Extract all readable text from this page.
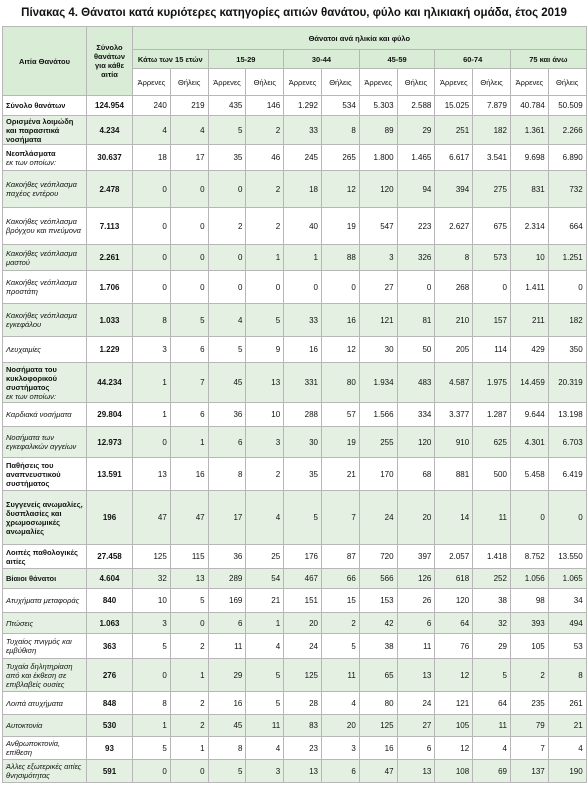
Πίνακας 4. Θάνατοι κατά κυριότερες κατηγορίες αιτιών θανάτου, φύλο και ηλικιακή ομάδα, έτος 2019
Αιτία Θανάτου	Σύνολο θανάτων για κάθε αιτία	Θάνατοι ανά ηλικία και φύλο											
		Κάτω των 15 ετών		15-29		30-44		45-59		60-74		75 και άνω	
		Άρρενες	Θήλεις	Άρρενες	Θήλεις	Άρρενες	Θήλεις	Άρρενες	Θήλεις	Άρρενες	Θήλεις	Άρρενες	Θήλεις
Σύνολο θανάτων	124.954	240	219	435	146	1.292	534	5.303	2.588	15.025	7.879	40.784	50.509
Ορισμένα λοιμώδη και παρασιτικά νοσήματα	4.234	4	4	5	2	33	8	89	29	251	182	1.361	2.266
Νεοπλάσματα
εκ των οποίων:	30.637	18	17	35	46	245	265	1.800	1.465	6.617	3.541	9.698	6.890
Κακοήθες νεόπλασμα παχέος εντέρου	2.478	0	0	0	2	18	12	120	94	394	275	831	732
Κακοήθες νεόπλασμα βρόγχου και πνεύμονα	7.113	0	0	2	2	40	19	547	223	2.627	675	2.314	664
Κακοήθες νεόπλασμα μαστού	2.261	0	0	0	1	1	88	3	326	8	573	10	1.251
Κακοήθες νεόπλασμα προστάτη	1.706	0	0	0	0	0	0	27	0	268	0	1.411	0
Κακοήθες νεόπλασμα εγκεφάλου	1.033	8	5	4	5	33	16	121	81	210	157	211	182
Λευχαιμίες	1.229	3	6	5	9	16	12	30	50	205	114	429	350
Νοσήματα του κυκλοφορικού συστήματος
εκ των οποίων:	44.234	1	7	45	13	331	80	1.934	483	4.587	1.975	14.459	20.319
Καρδιακά νοσήματα	29.804	1	6	36	10	288	57	1.566	334	3.377	1.287	9.644	13.198
Νοσήματα των εγκεφαλικών αγγείων	12.973	0	1	6	3	30	19	255	120	910	625	4.301	6.703
Παθήσεις του αναπνευστικού συστήματος	13.591	13	16	8	2	35	21	170	68	881	500	5.458	6.419
Συγγενείς ανωμαλίες, δυσπλασίες και χρωμοσωμικές ανωμαλίες	196	47	47	17	4	5	7	24	20	14	11	0	0
Λοιπές παθολογικές αιτίες	27.458	125	115	36	25	176	87	720	397	2.057	1.418	8.752	13.550
Βίαιοι θάνατοι	4.604	32	13	289	54	467	66	566	126	618	252	1.056	1.065
Ατυχήματα μεταφοράς	840	10	5	169	21	151	15	153	26	120	38	98	34
Πτώσεις	1.063	3	0	6	1	20	2	42	6	64	32	393	494
Τυχαίος πνιγμός και εμβύθιση	363	5	2	11	4	24	5	38	11	76	29	105	53
Τυχαία δηλητηρίαση από και έκθεση σε επιβλαβείς ουσίες	276	0	1	29	5	125	11	65	13	12	5	2	8
Λοιπά ατυχήματα	848	8	2	16	5	28	4	80	24	121	64	235	261
Αυτοκτονία	530	1	2	45	11	83	20	125	27	105	11	79	21
Ανθρωποκτονία, επίθεση	93	5	1	8	4	23	3	16	6	12	4	7	4
Άλλες εξωτερικές αιτίες θνησιμότητας	591	0	0	5	3	13	6	47	13	108	69	137	190
